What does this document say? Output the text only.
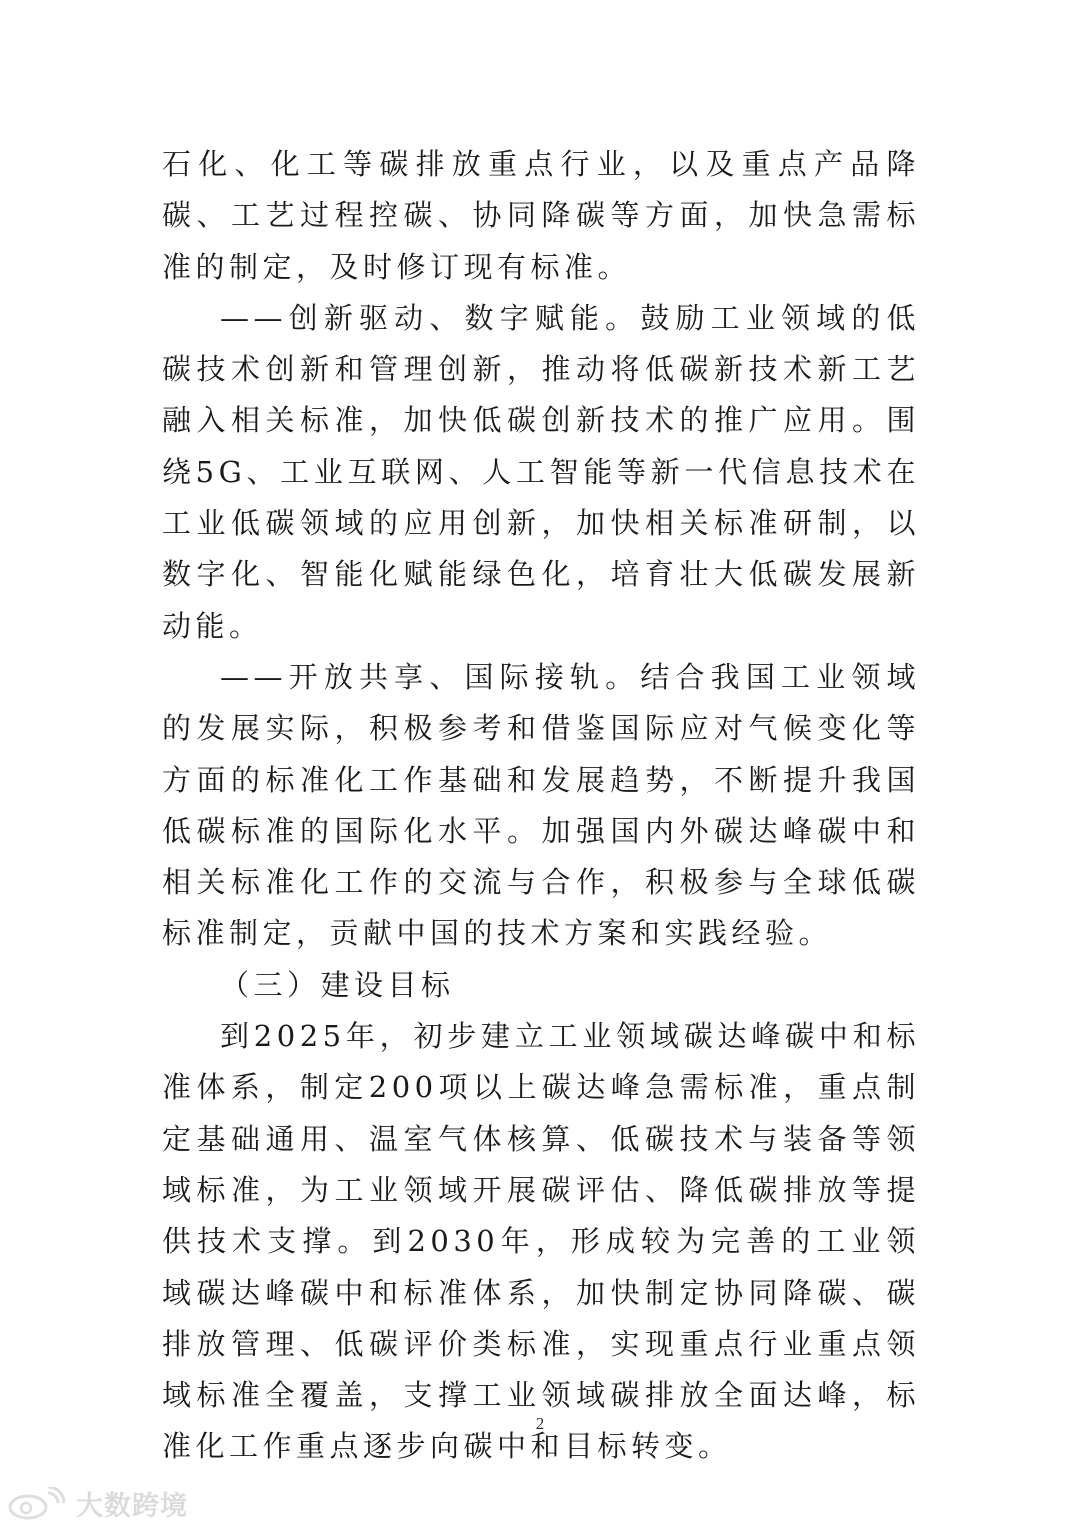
石化、化工等碳排放重点行业，以及重点产品降碳、工艺过程控碳、协同降碳等方面，加快急需标准的制定，及时修订现有标准。

——创新驱动、数字赋能。鼓励工业领域的低碳技术创新和管理创新，推动将低碳新技术新工艺融入相关标准，加快低碳创新技术的推广应用。围绕5G、工业互联网、人工智能等新一代信息技术在工业低碳领域的应用创新，加快相关标准研制，以数字化、智能化赋能绿色化，培育壮大低碳发展新动能。

——开放共享、国际接轨。结合我国工业领域的发展实际，积极参考和借鉴国际应对气候变化等方面的标准化工作基础和发展趋势，不断提升我国低碳标准的国际化水平。加强国内外碳达峰碳中和相关标准化工作的交流与合作，积极参与全球低碳标准制定，贡献中国的技术方案和实践经验。

（三）建设目标

到2025年，初步建立工业领域碳达峰碳中和标准体系，制定200项以上碳达峰急需标准，重点制定基础通用、温室气体核算、低碳技术与装备等领域标准，为工业领域开展碳评估、降低碳排放等提供技术支撑。到2030年，形成较为完善的工业领域碳达峰碳中和标准体系，加快制定协同降碳、碳排放管理、低碳评价类标准，实现重点行业重点领域标准全覆盖，支撑工业领域碳排放全面达峰，标准化工作重点逐步向碳中和目标转变。

2
大数跨境
